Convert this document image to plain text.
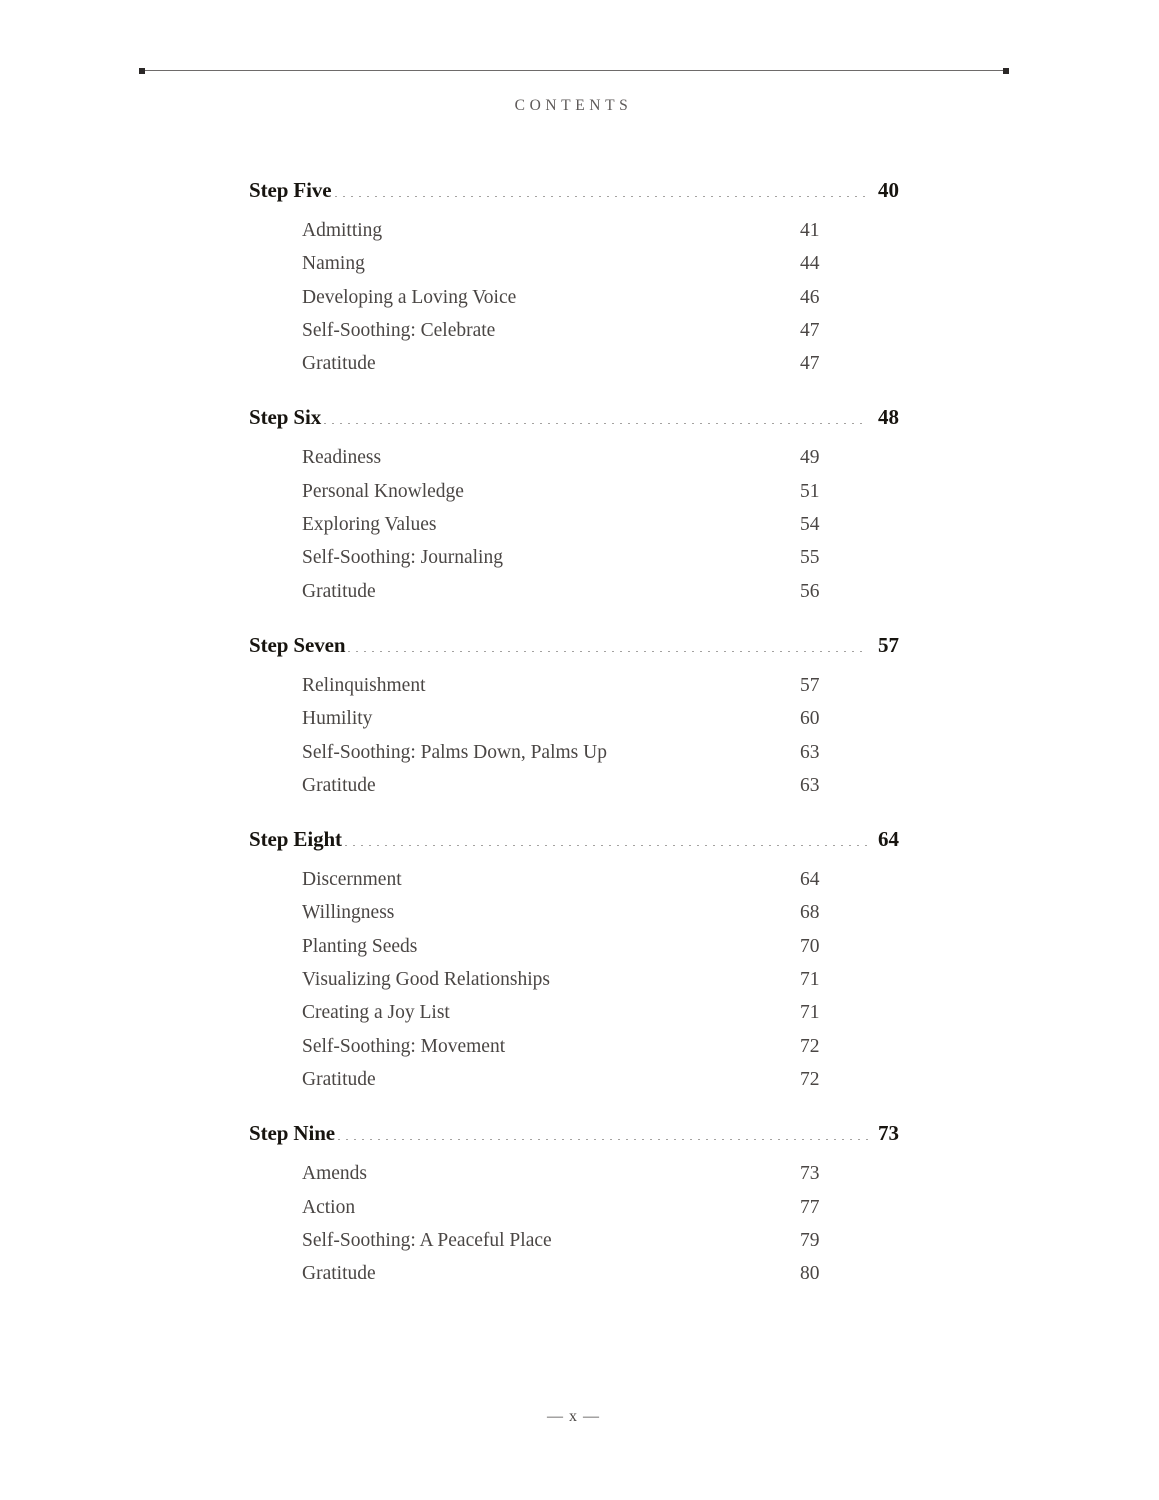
CONTENTS
Step Five	40
Admitting	41
Naming	44
Developing a Loving Voice	46
Self-Soothing: Celebrate	47
Gratitude	47
Step Six	48
Readiness	49
Personal Knowledge	51
Exploring Values	54
Self-Soothing: Journaling	55
Gratitude	56
Step Seven	57
Relinquishment	57
Humility	60
Self-Soothing: Palms Down, Palms Up	63
Gratitude	63
Step Eight	64
Discernment	64
Willingness	68
Planting Seeds	70
Visualizing Good Relationships	71
Creating a Joy List	71
Self-Soothing: Movement	72
Gratitude	72
Step Nine	73
Amends	73
Action	77
Self-Soothing: A Peaceful Place	79
Gratitude	80
— x —
